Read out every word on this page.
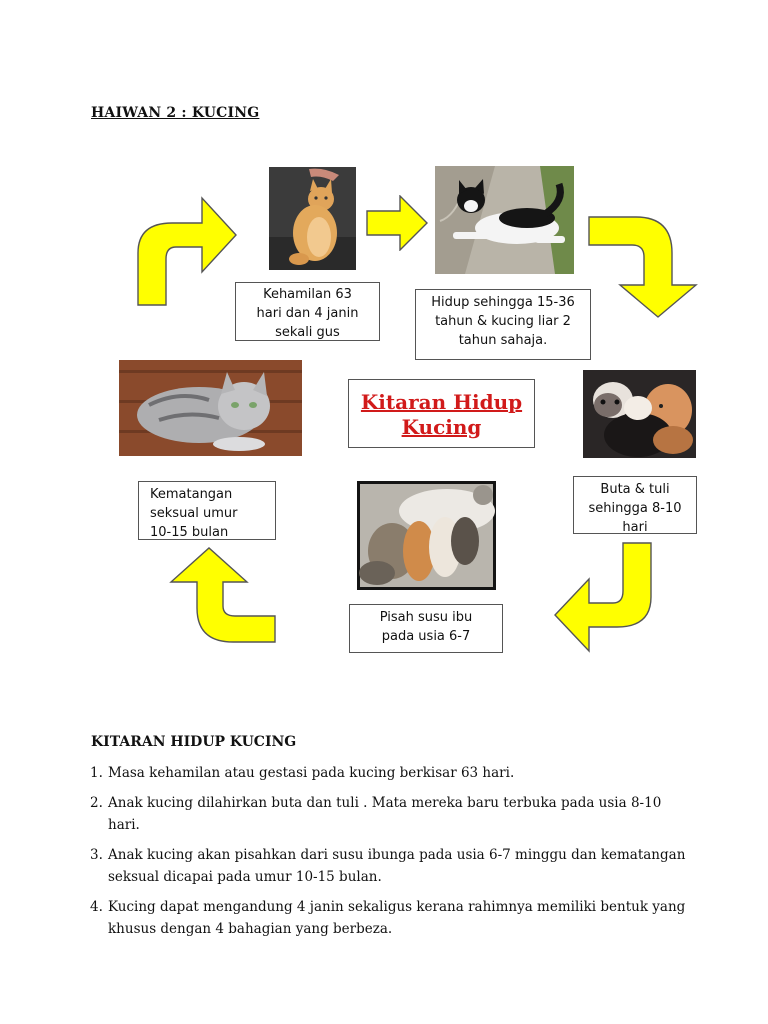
HAIWAN 2 : KUCING
Kehamilan 63
hari dan 4 janin
sekali gus
Hidup sehingga 15-36
tahun & kucing liar 2
tahun sahaja.
Buta & tuli
sehingga 8-10
hari
Pisah susu ibu
pada usia 6-7
Kematangan
seksual umur
10-15 bulan
Kitaran Hidup
Kucing
KITARAN HIDUP KUCING
1. Masa kehamilan atau gestasi pada kucing berkisar 63 hari.
2. Anak kucing dilahirkan buta dan tuli . Mata mereka baru terbuka pada usia 8-10 hari.
3. Anak kucing akan pisahkan dari susu ibunga pada usia 6-7 minggu dan kematangan seksual dicapai pada umur 10-15 bulan.
4. Kucing dapat mengandung 4 janin sekaligus kerana rahimnya memiliki bentuk yang khusus dengan 4 bahagian yang berbeza.
